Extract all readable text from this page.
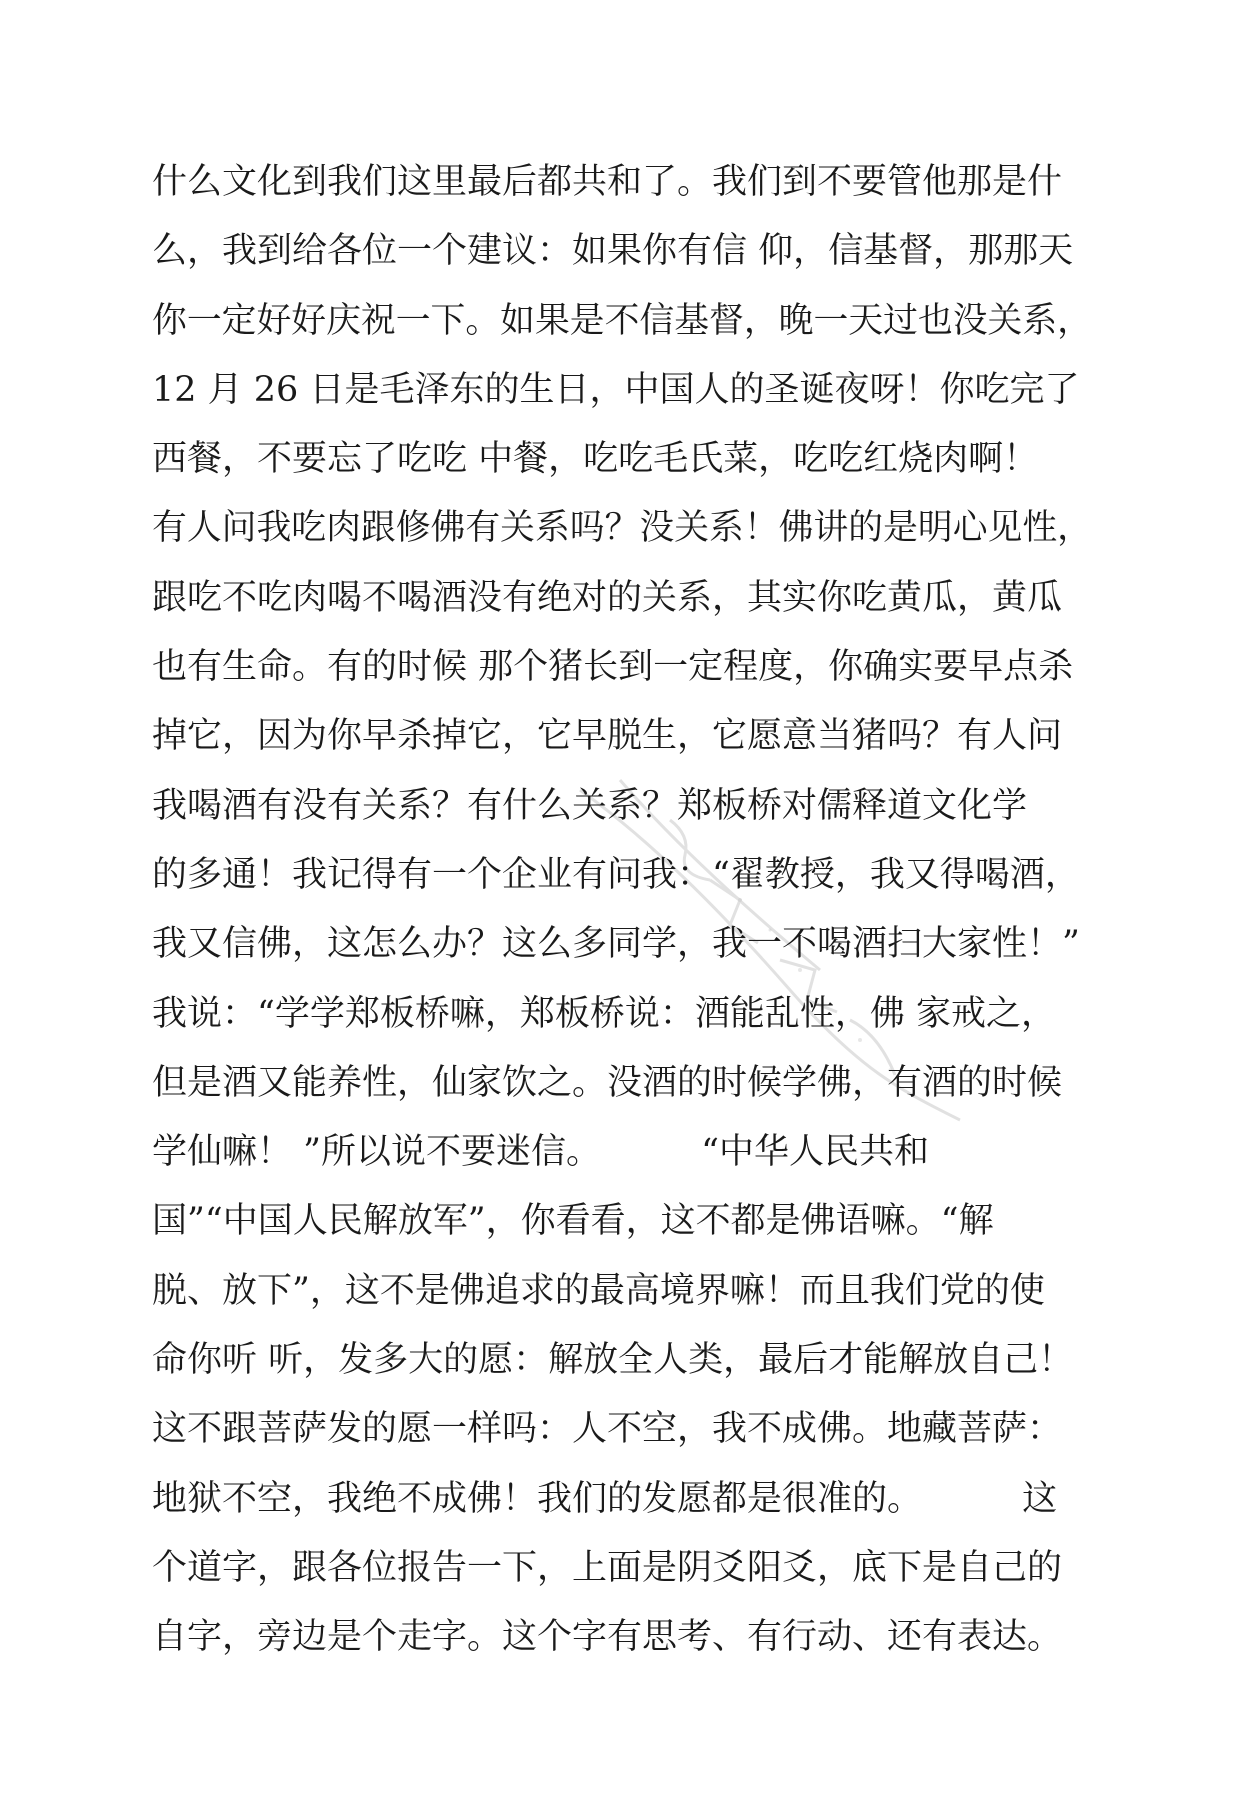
什么文化到我们这里最后都共和了。我们到不要管他那是什
么，我到给各位一个建议：如果你有信 仰，信基督，那那天
你一定好好庆祝一下。如果是不信基督，晚一天过也没关系，
12 月 26 日是毛泽东的生日，中国人的圣诞夜呀！你吃完了
西餐，不要忘了吃吃 中餐，吃吃毛氏菜，吃吃红烧肉啊！
有人问我吃肉跟修佛有关系吗？没关系！佛讲的是明心见性，
跟吃不吃肉喝不喝酒没有绝对的关系，其实你吃黄瓜，黄瓜
也有生命。有的时候 那个猪长到一定程度，你确实要早点杀
掉它，因为你早杀掉它，它早脱生，它愿意当猪吗？有人问
我喝酒有没有关系？有什么关系？郑板桥对儒释道文化学
的多通！我记得有一个企业有问我：“翟教授，我又得喝酒，
我又信佛，这怎么办？这么多同学，我一不喝酒扫大家性！”
我说：“学学郑板桥嘛，郑板桥说：酒能乱性，佛 家戒之，
但是酒又能养性，仙家饮之。没酒的时候学佛，有酒的时候
学仙嘛！ ”所以说不要迷信。         “中华人民共和
国”“中国人民解放军”，你看看，这不都是佛语嘛。“解
脱、放下”，这不是佛追求的最高境界嘛！而且我们党的使
命你听 听，发多大的愿：解放全人类，最后才能解放自己！
这不跟菩萨发的愿一样吗：人不空，我不成佛。地藏菩萨：
地狱不空，我绝不成佛！我们的发愿都是很准的。         这
个道字，跟各位报告一下，上面是阴爻阳爻，底下是自己的
自字，旁边是个走字。这个字有思考、有行动、还有表达。
